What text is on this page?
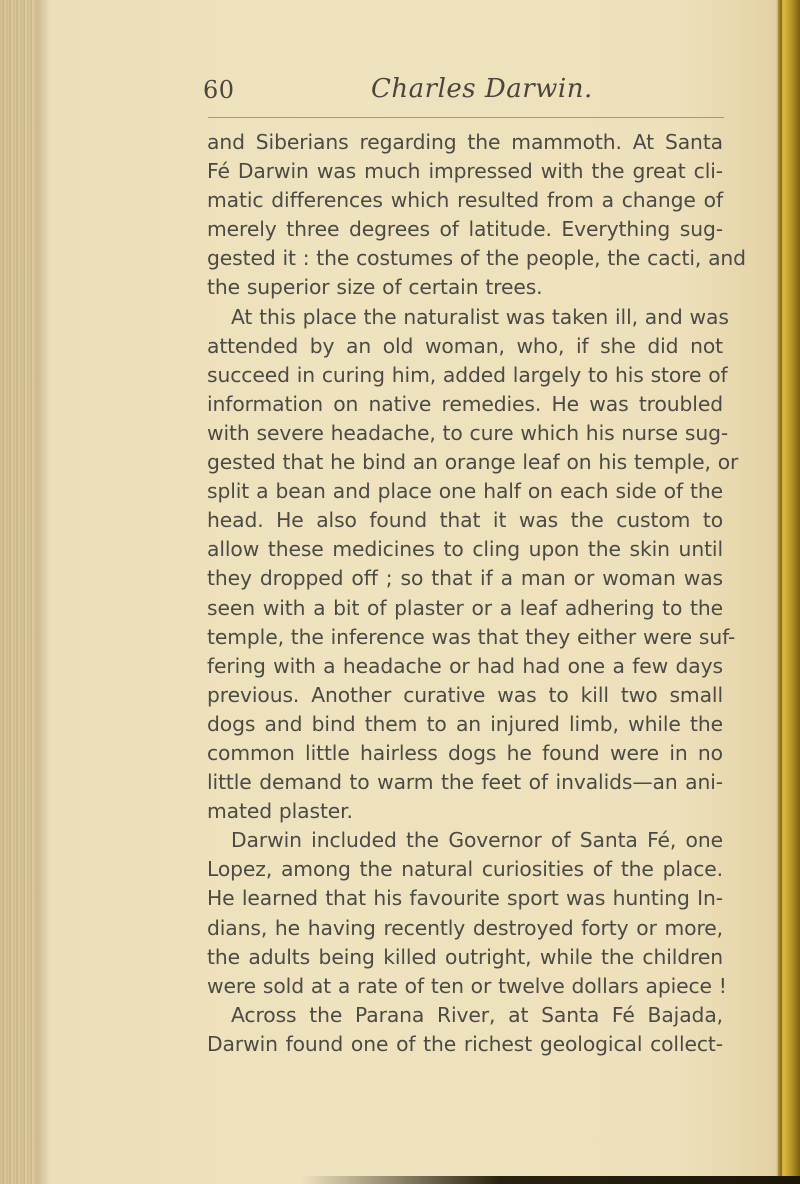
60	Charles Darwin.
and Siberians regarding the mammoth. At Santa
Fé Darwin was much impressed with the great cli-
matic differences which resulted from a change of
merely three degrees of latitude. Everything sug-
gested it : the costumes of the people, the cacti, and
the superior size of certain trees.
At this place the naturalist was taken ill, and was
attended by an old woman, who, if she did not
succeed in curing him, added largely to his store of
information on native remedies. He was troubled
with severe headache, to cure which his nurse sug-
gested that he bind an orange leaf on his temple, or
split a bean and place one half on each side of the
head. He also found that it was the custom to
allow these medicines to cling upon the skin until
they dropped off ; so that if a man or woman was
seen with a bit of plaster or a leaf adhering to the
temple, the inference was that they either were suf-
fering with a headache or had had one a few days
previous. Another curative was to kill two small
dogs and bind them to an injured limb, while the
common little hairless dogs he found were in no
little demand to warm the feet of invalids—an ani-
mated plaster.
Darwin included the Governor of Santa Fé, one
Lopez, among the natural curiosities of the place.
He learned that his favourite sport was hunting In-
dians, he having recently destroyed forty or more,
the adults being killed outright, while the children
were sold at a rate of ten or twelve dollars apiece !
Across the Parana River, at Santa Fé Bajada,
Darwin found one of the richest geological collect-
